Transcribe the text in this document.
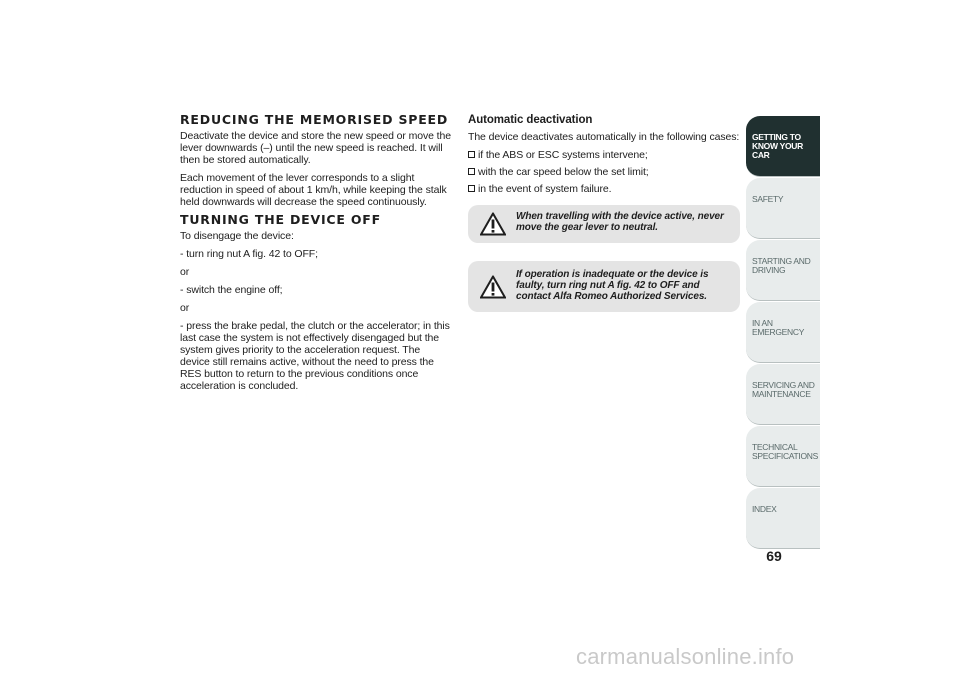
REDUCING THE MEMORISED SPEED

Deactivate the device and store the new speed or move the lever downwards (–) until the new speed is reached. It will then be stored automatically.

Each movement of the lever corresponds to a slight reduction in speed of about 1 km/h, while keeping the stalk held downwards will decrease the speed continuously.

TURNING THE DEVICE OFF

To disengage the device:

- turn ring nut A fig. 42 to OFF;

or

- switch the engine off;

or

- press the brake pedal, the clutch or the accelerator; in this last case the system is not effectively disengaged but the system gives priority to the acceleration request. The device still remains active, without the need to press the RES button to return to the previous conditions once acceleration is concluded.

Automatic deactivation

The device deactivates automatically in the following cases:

if the ABS or ESC systems intervene;
with the car speed below the set limit;
in the event of system failure.
When travelling with the device active, never move the gear lever to neutral.
If operation is inadequate or the device is faulty, turn ring nut A fig. 42 to OFF and contact Alfa Romeo Authorized Services.
GETTING TO
KNOW YOUR CAR
SAFETY
STARTING AND
DRIVING
IN AN EMERGENCY
SERVICING AND
MAINTENANCE
TECHNICAL
SPECIFICATIONS
INDEX
69
carmanualsonline.info
